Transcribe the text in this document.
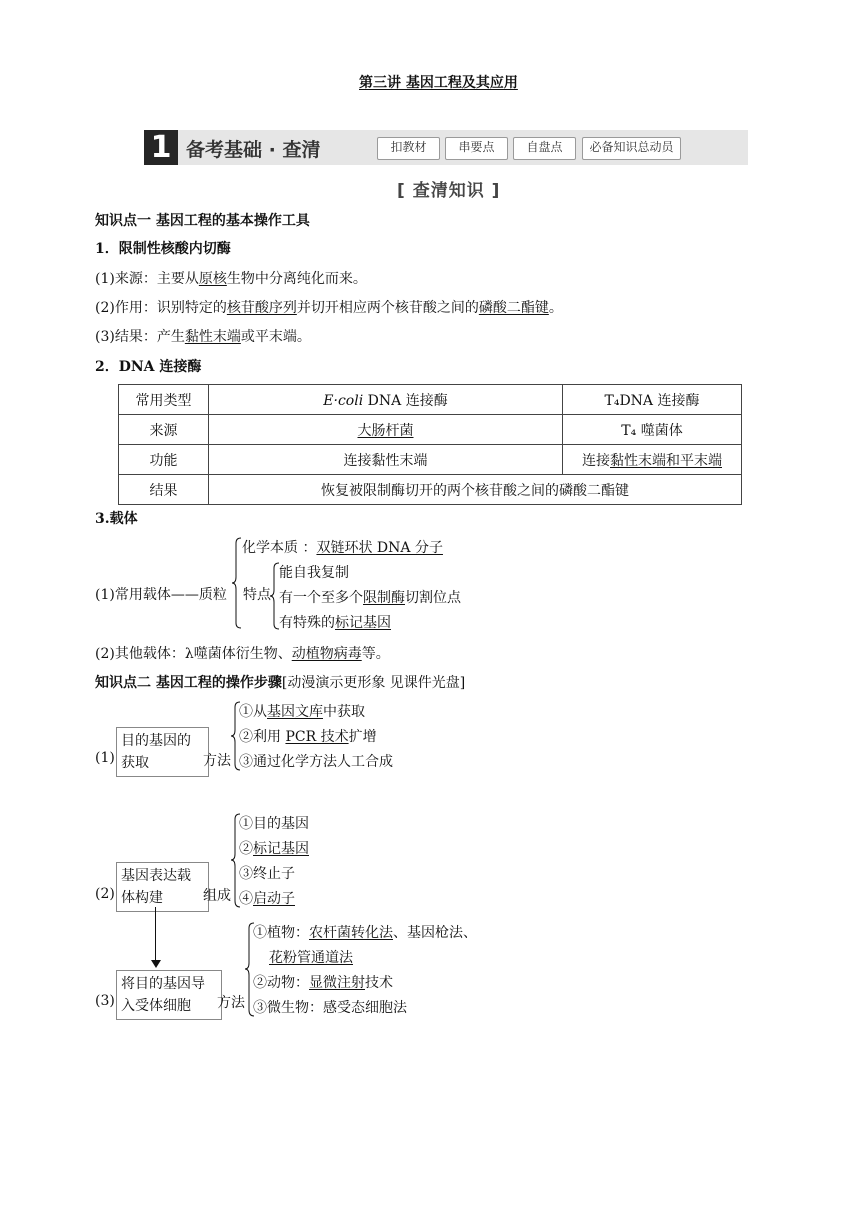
第三讲 基因工程及其应用
1 备考基础 · 查清	扣教材	串要点	自盘点	必备知识总动员
[ 查清知识 ]
知识点一 基因工程的基本操作工具
1．限制性核酸内切酶
(1)来源：主要从原核生物中分离纯化而来。
(2)作用：识别特定的核苷酸序列并切开相应两个核苷酸之间的磷酸二酯键。
(3)结果：产生黏性末端或平末端。
2．DNA 连接酶
常用类型	E·coli DNA 连接酶	T₄DNA 连接酶
来源	大肠杆菌	T₄ 噬菌体
功能	连接黏性末端	连接黏性末端和平末端
结果	恢复被限制酶切开的两个核苷酸之间的磷酸二酯键	
3.载体
(1)常用载体——质粒
化学本质 ：双链环状 DNA 分子
特点
能自我复制
有一个至多个限制酶切割位点
有特殊的标记基因
(2)其他载体：λ噬菌体衍生物、动植物病毒等。
知识点二 基因工程的操作步骤[动漫演示更形象 见课件光盘]
(1)
目的基因的
获取	方法
①从基因文库中获取
②利用 PCR 技术扩增
③通过化学方法人工合成
(2)
基因表达载
体构建	组成
①目的基因
②标记基因
③终止子
④启动子
(3)
将目的基因导
入受体细胞	方法
①植物：农杆菌转化法、基因枪法、
花粉管通道法
②动物：显微注射技术
③微生物：感受态细胞法
